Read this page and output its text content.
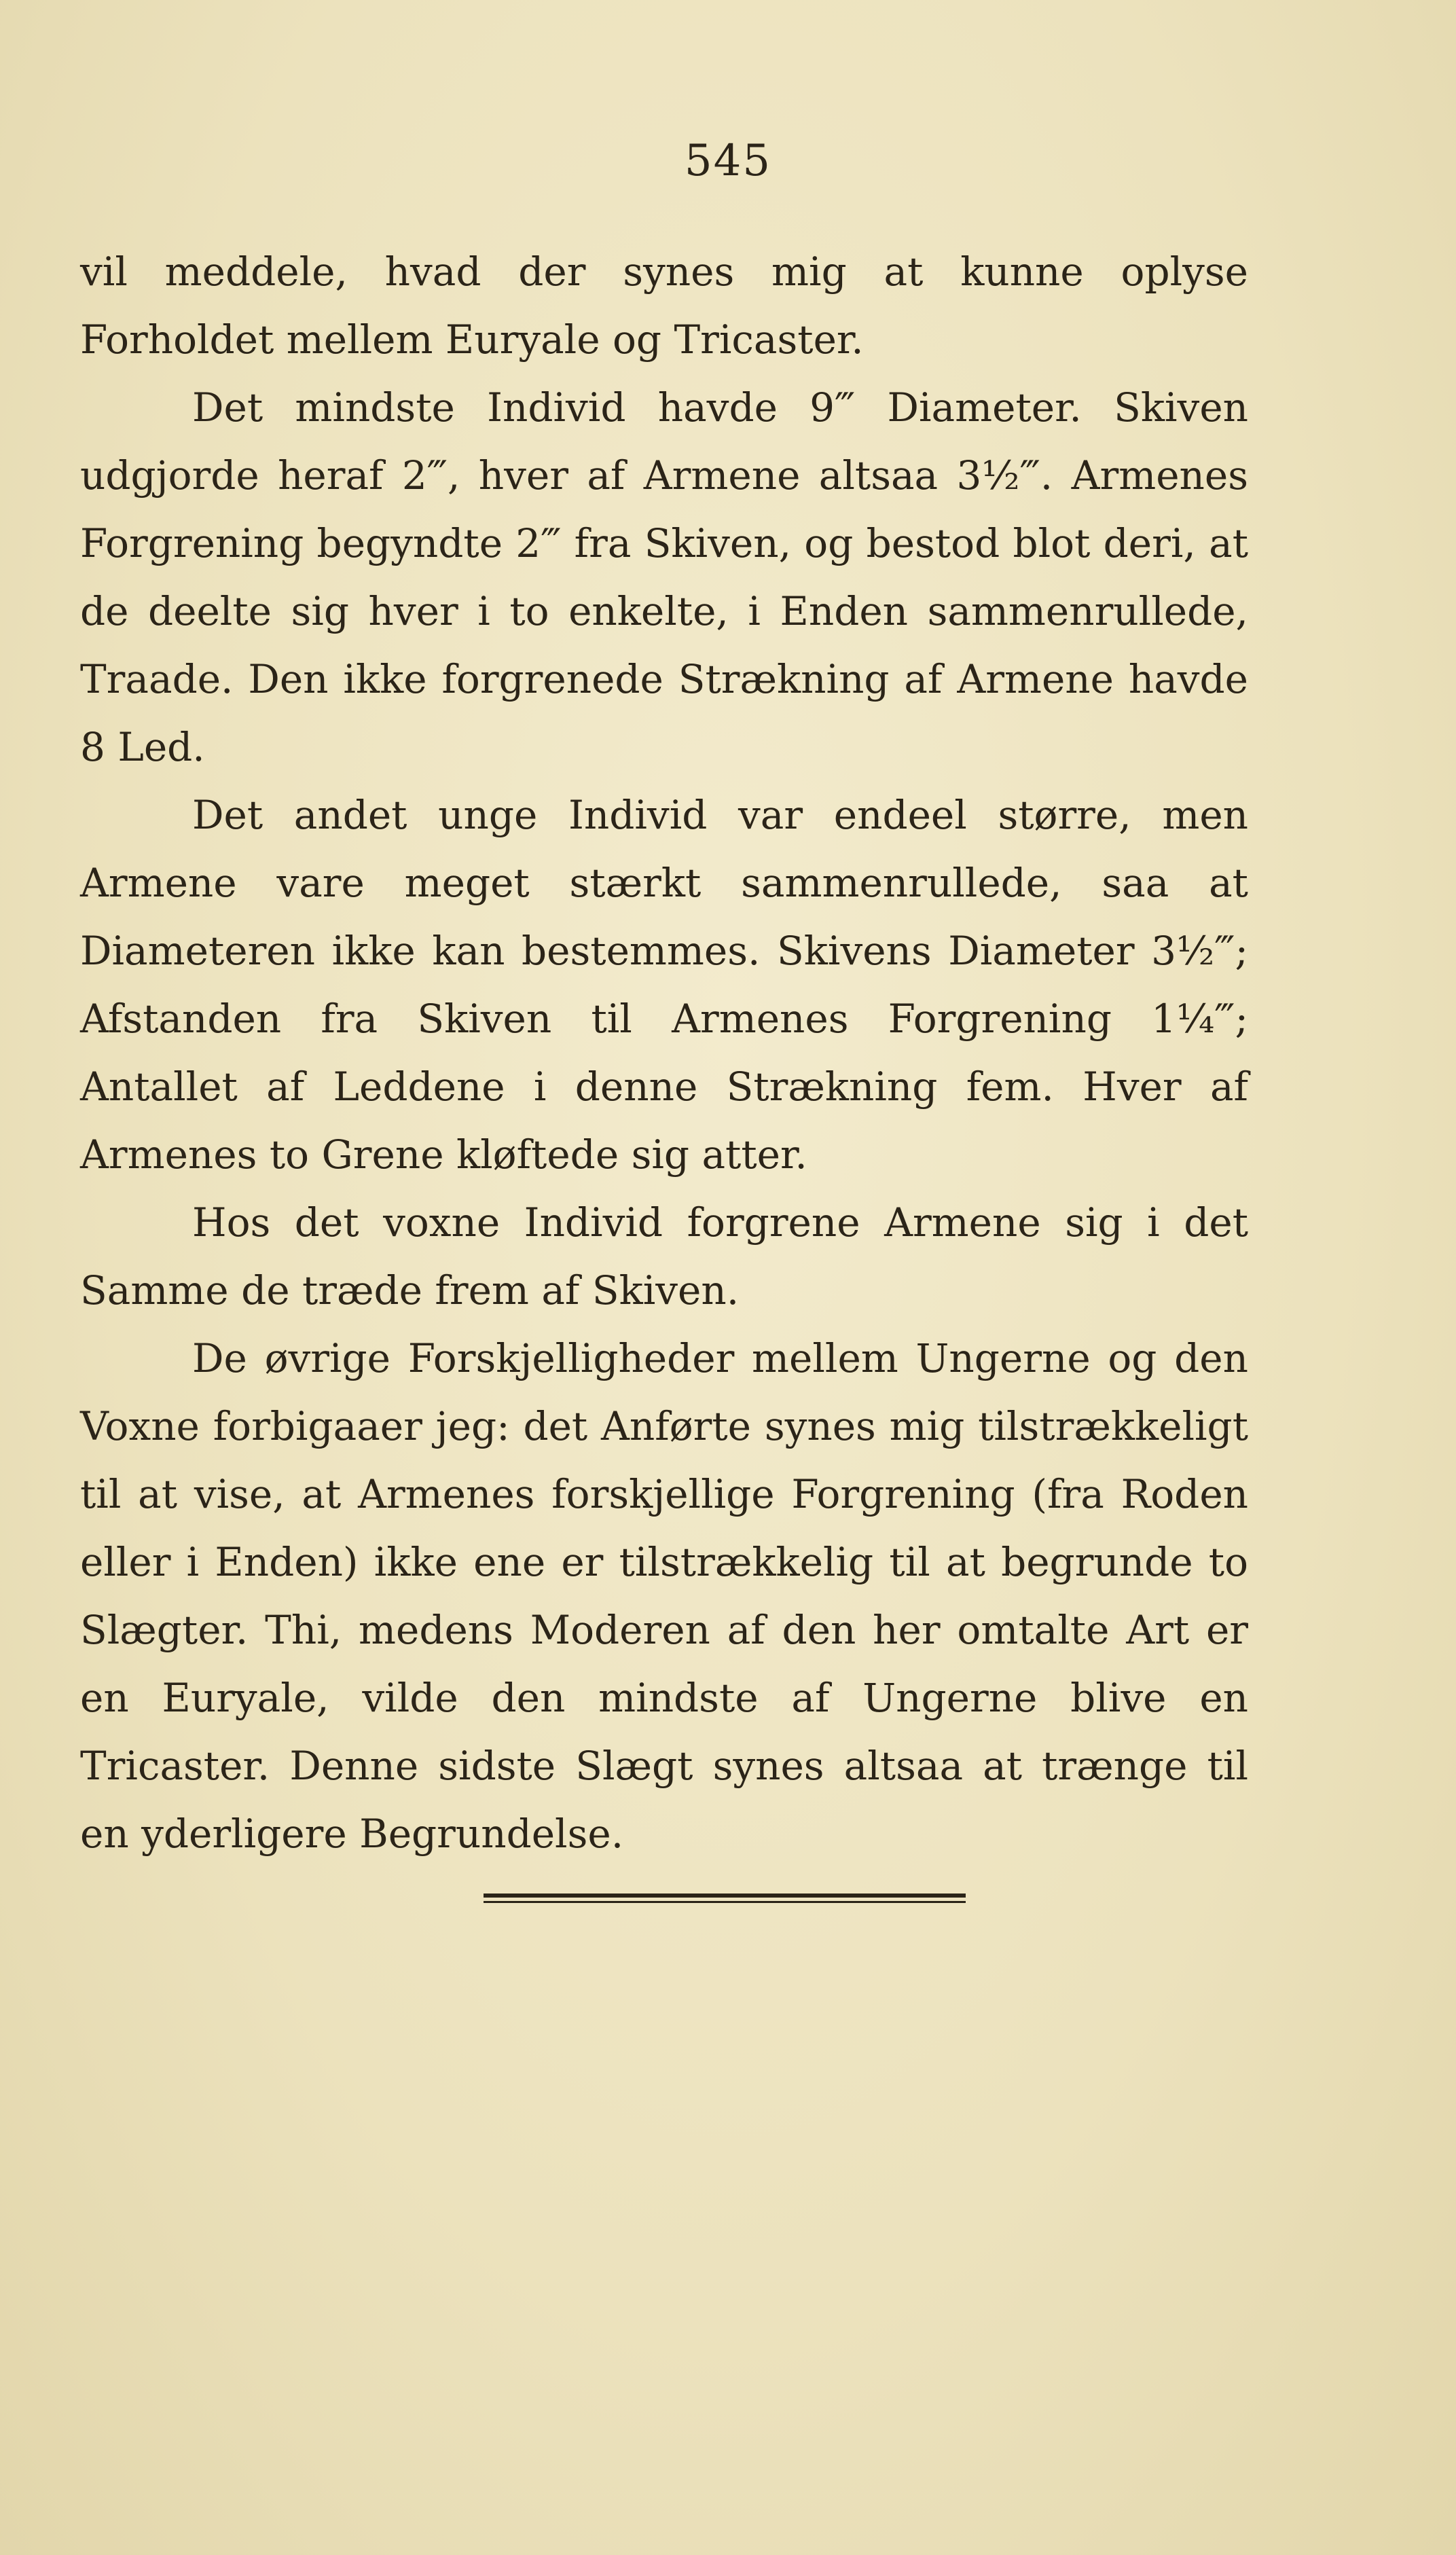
545

vil meddele, hvad der synes mig at kunne oplyse Forholdet mellem Euryale og Tricaster.

Det mindste Individ havde 9‴ Diameter. Skiven udgjorde heraf 2‴, hver af Armene altsaa 3½‴. Armenes Forgrening begyndte 2‴ fra Skiven, og bestod blot deri, at de deelte sig hver i to enkelte, i Enden sammenrullede, Traade. Den ikke forgrenede Strækning af Armene havde 8 Led.

Det andet unge Individ var endeel større, men Armene vare meget stærkt sammenrullede, saa at Diameteren ikke kan bestemmes. Skivens Diameter 3½‴; Afstanden fra Skiven til Armenes Forgrening 1¼‴; Antallet af Leddene i denne Strækning fem. Hver af Armenes to Grene kløftede sig atter.

Hos det voxne Individ forgrene Armene sig i det Samme de træde frem af Skiven.

De øvrige Forskjelligheder mellem Ungerne og den Voxne forbigaaer jeg: det Anførte synes mig tilstrækkeligt til at vise, at Armenes forskjellige Forgrening (fra Roden eller i Enden) ikke ene er tilstrækkelig til at begrunde to Slægter. Thi, medens Moderen af den her omtalte Art er en Euryale, vilde den mindste af Ungerne blive en Tricaster. Denne sidste Slægt synes altsaa at trænge til en yderligere Begrundelse.
